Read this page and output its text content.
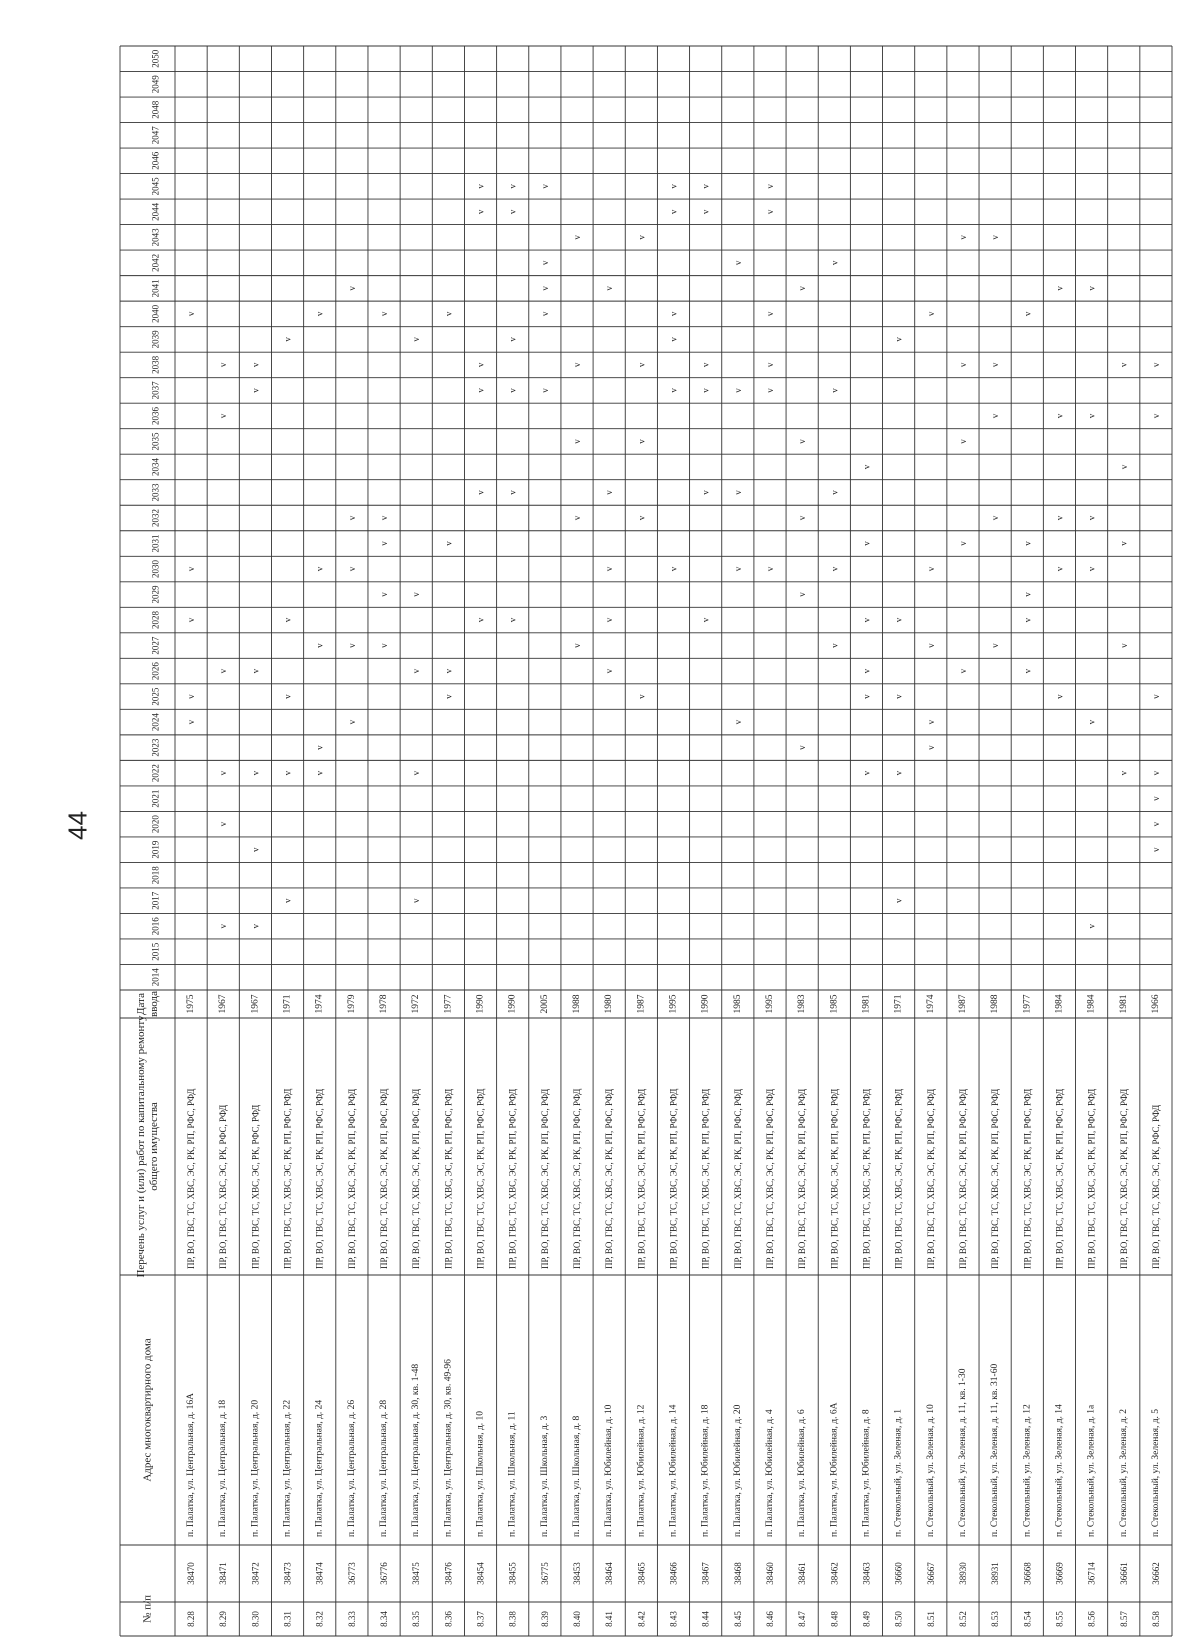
44
№ п/п
Адрес многоквартирного дома
Перечень услуг и (или) работ по капитальному ремонту общего имущества
Дата ввода
2014
2015
2016
2017
2018
2019
2020
2021
2022
2023
2024
2025
2026
2027
2028
2029
2030
2031
2032
2033
2034
2035
2036
2037
2038
2039
2040
2041
2042
2043
2044
2045
2046
2047
2048
2049
2050
8.28
38470
п. Палатка, ул. Центральная, д. 16А
ПР, ВО, ГВС, ТС, ХВС, ЭС, РК, РП, РФС, РФД
1975
v
v
v
v
v
8.29
38471
п. Палатка, ул. Центральная, д. 18
ПР, ВО, ГВС, ТС, ХВС, ЭС, РК, РФС, РФД
1967
v
v
v
v
v
v
8.30
38472
п. Палатка, ул. Центральная, д. 20
ПР, ВО, ГВС, ТС, ХВС, ЭС, РК, РФС, РФД
1967
v
v
v
v
v
v
8.31
38473
п. Палатка, ул. Центральная, д. 22
ПР, ВО, ГВС, ТС, ХВС, ЭС, РК, РП, РФС, РФД
1971
v
v
v
v
v
8.32
38474
п. Палатка, ул. Центральная, д. 24
ПР, ВО, ГВС, ТС, ХВС, ЭС, РК, РП, РФС, РФД
1974
v
v
v
v
v
8.33
36773
п. Палатка, ул. Центральная, д. 26
ПР, ВО, ГВС, ТС, ХВС, ЭС, РК, РП, РФС, РФД
1979
v
v
v
v
v
8.34
36776
п. Палатка, ул. Центральная, д. 28
ПР, ВО, ГВС, ТС, ХВС, ЭС, РК, РП, РФС, РФД
1978
v
v
v
v
v
8.35
38475
п. Палатка, ул. Центральная, д. 30, кв. 1-48
ПР, ВО, ГВС, ТС, ХВС, ЭС, РК, РП, РФС, РФД
1972
v
v
v
v
v
8.36
38476
п. Палатка, ул. Центральная, д. 30, кв. 49-96
ПР, ВО, ГВС, ТС, ХВС, ЭС, РК, РП, РФС, РФД
1977
v
v
v
v
8.37
38454
п. Палатка, ул. Школьная, д. 10
ПР, ВО, ГВС, ТС, ХВС, ЭС, РК, РП, РФС, РФД
1990
v
v
v
v
v
v
8.38
38455
п. Палатка, ул. Школьная, д. 11
ПР, ВО, ГВС, ТС, ХВС, ЭС, РК, РП, РФС, РФД
1990
v
v
v
v
v
v
8.39
36775
п. Палатка, ул. Школьная, д. 3
ПР, ВО, ГВС, ТС, ХВС, ЭС, РК, РП, РФС, РФД
2005
v
v
v
v
v
8.40
38453
п. Палатка, ул. Школьная, д. 8
ПР, ВО, ГВС, ТС, ХВС, ЭС, РК, РП, РФС, РФД
1988
v
v
v
v
v
8.41
38464
п. Палатка, ул. Юбилейная, д. 10
ПР, ВО, ГВС, ТС, ХВС, ЭС, РК, РП, РФС, РФД
1980
v
v
v
v
v
8.42
38465
п. Палатка, ул. Юбилейная, д. 12
ПР, ВО, ГВС, ТС, ХВС, ЭС, РК, РП, РФС, РФД
1987
v
v
v
v
v
8.43
38466
п. Палатка, ул. Юбилейная, д. 14
ПР, ВО, ГВС, ТС, ХВС, ЭС, РК, РП, РФС, РФД
1995
v
v
v
v
v
v
8.44
38467
п. Палатка, ул. Юбилейная, д. 18
ПР, ВО, ГВС, ТС, ХВС, ЭС, РК, РП, РФС, РФД
1990
v
v
v
v
v
v
8.45
38468
п. Палатка, ул. Юбилейная, д. 20
ПР, ВО, ГВС, ТС, ХВС, ЭС, РК, РП, РФС, РФД
1985
v
v
v
v
v
8.46
38460
п. Палатка, ул. Юбилейная, д. 4
ПР, ВО, ГВС, ТС, ХВС, ЭС, РК, РП, РФС, РФД
1995
v
v
v
v
v
v
8.47
38461
п. Палатка, ул. Юбилейная, д. 6
ПР, ВО, ГВС, ТС, ХВС, ЭС, РК, РП, РФС, РФД
1983
v
v
v
v
v
8.48
38462
п. Палатка, ул. Юбилейная, д. 6А
ПР, ВО, ГВС, ТС, ХВС, ЭС, РК, РП, РФС, РФД
1985
v
v
v
v
v
8.49
38463
п. Палатка, ул. Юбилейная, д. 8
ПР, ВО, ГВС, ТС, ХВС, ЭС, РК, РП, РФС, РФД
1981
v
v
v
v
v
v
8.50
36660
п. Стекольный, ул. Зеленая, д. 1
ПР, ВО, ГВС, ТС, ХВС, ЭС, РК, РП, РФС, РФД
1971
v
v
v
v
v
8.51
36667
п. Стекольный, ул. Зеленая, д. 10
ПР, ВО, ГВС, ТС, ХВС, ЭС, РК, РП, РФС, РФД
1974
v
v
v
v
v
8.52
38930
п. Стекольный, ул. Зеленая, д. 11, кв. 1-30
ПР, ВО, ГВС, ТС, ХВС, ЭС, РК, РП, РФС, РФД
1987
v
v
v
v
v
8.53
38931
п. Стекольный, ул. Зеленая, д. 11, кв. 31-60
ПР, ВО, ГВС, ТС, ХВС, ЭС, РК, РП, РФС, РФД
1988
v
v
v
v
v
8.54
36668
п. Стекольный, ул. Зеленая, д. 12
ПР, ВО, ГВС, ТС, ХВС, ЭС, РК, РП, РФС, РФД
1977
v
v
v
v
v
8.55
36669
п. Стекольный, ул. Зеленая, д. 14
ПР, ВО, ГВС, ТС, ХВС, ЭС, РК, РП, РФС, РФД
1984
v
v
v
v
v
8.56
36714
п. Стекольный, ул. Зеленая, д. 1а
ПР, ВО, ГВС, ТС, ХВС, ЭС, РК, РП, РФС, РФД
1984
v
v
v
v
v
v
8.57
36661
п. Стекольный, ул. Зеленая, д. 2
ПР, ВО, ГВС, ТС, ХВС, ЭС, РК, РП, РФС, РФД
1981
v
v
v
v
v
8.58
36662
п. Стекольный, ул. Зеленая, д. 5
ПР, ВО, ГВС, ТС, ХВС, ЭС, РК, РФС, РФД
1966
v
v
v
v
v
v
v
